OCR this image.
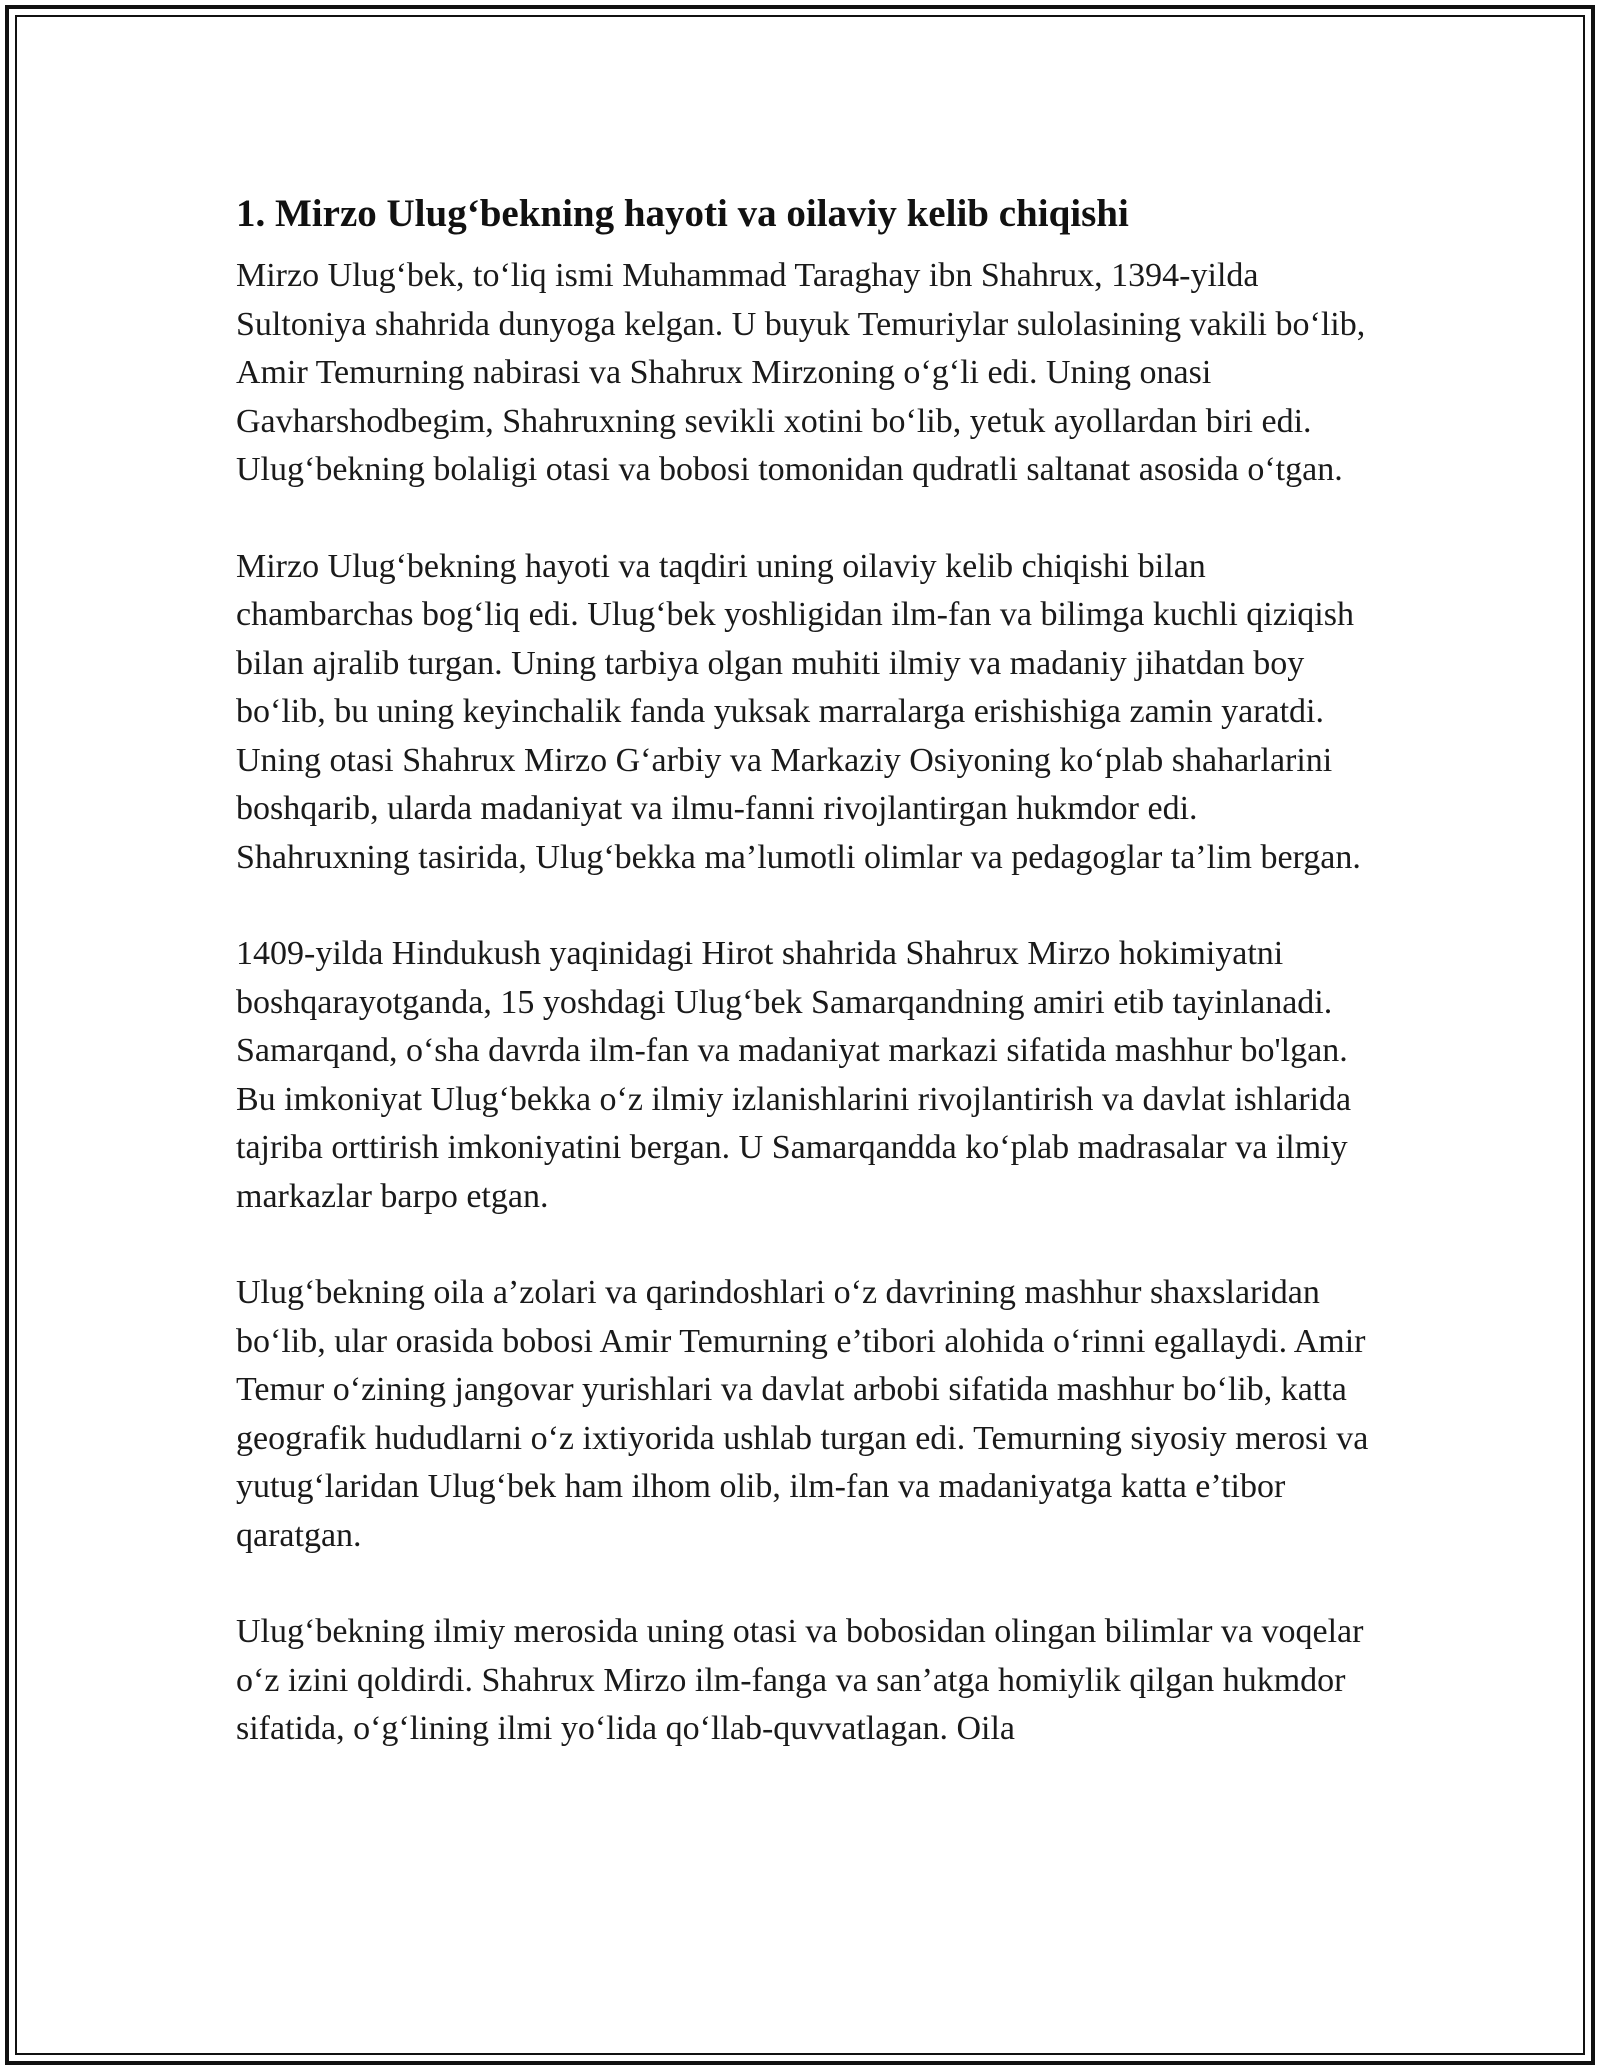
1. Mirzo Ulug‘bekning hayoti va oilaviy kelib chiqishi

Mirzo Ulug‘bek, to‘liq ismi Muhammad Taraghay ibn Shahrux, 1394-yilda Sultoniya shahrida dunyoga kelgan. U buyuk Temuriylar sulolasining vakili bo‘lib, Amir Temurning nabirasi va Shahrux Mirzoning o‘g‘li edi. Uning onasi Gavharshodbegim, Shahruxning sevikli xotini bo‘lib, yetuk ayollardan biri edi. Ulug‘bekning bolaligi otasi va bobosi tomonidan qudratli saltanat asosida o‘tgan.

Mirzo Ulug‘bekning hayoti va taqdiri uning oilaviy kelib chiqishi bilan chambarchas bog‘liq edi. Ulug‘bek yoshligidan ilm-fan va bilimga kuchli qiziqish bilan ajralib turgan. Uning tarbiya olgan muhiti ilmiy va madaniy jihatdan boy bo‘lib, bu uning keyinchalik fanda yuksak marralarga erishishiga zamin yaratdi. Uning otasi Shahrux Mirzo G‘arbiy va Markaziy Osiyoning ko‘plab shaharlarini boshqarib, ularda madaniyat va ilmu-fanni rivojlantirgan hukmdor edi. Shahruxning tasirida, Ulug‘bekka ma’lumotli olimlar va pedagoglar ta’lim bergan.

1409-yilda Hindukush yaqinidagi Hirot shahrida Shahrux Mirzo hokimiyatni boshqarayotganda, 15 yoshdagi Ulug‘bek Samarqandning amiri etib tayinlanadi. Samarqand, o‘sha davrda ilm-fan va madaniyat markazi sifatida mashhur bo'lgan. Bu imkoniyat Ulug‘bekka o‘z ilmiy izlanishlarini rivojlantirish va davlat ishlarida tajriba orttirish imkoniyatini bergan. U Samarqandda ko‘plab madrasalar va ilmiy markazlar barpo etgan.

Ulug‘bekning oila a’zolari va qarindoshlari o‘z davrining mashhur shaxslaridan bo‘lib, ular orasida bobosi Amir Temurning e’tibori alohida o‘rinni egallaydi. Amir Temur o‘zining jangovar yurishlari va davlat arbobi sifatida mashhur bo‘lib, katta geografik hududlarni o‘z ixtiyorida ushlab turgan edi. Temurning siyosiy merosi va yutug‘laridan Ulug‘bek ham ilhom olib, ilm-fan va madaniyatga katta e’tibor qaratgan.

Ulug‘bekning ilmiy merosida uning otasi va bobosidan olingan bilimlar va voqelar o‘z izini qoldirdi. Shahrux Mirzo ilm-fanga va san’atga homiylik qilgan hukmdor sifatida, o‘g‘lining ilmi yo‘lida qo‘llab-quvvatlagan. Oila
